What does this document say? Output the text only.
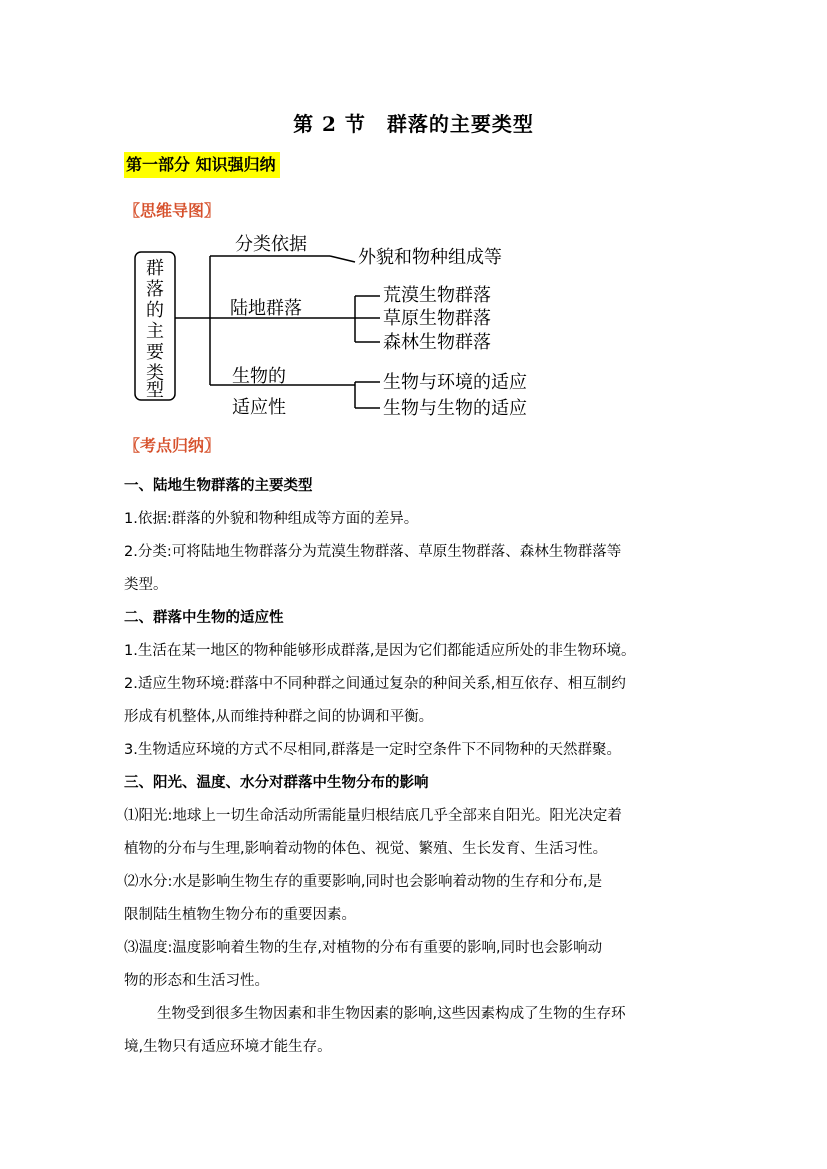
第 2 节　群落的主要类型
第一部分 知识强归纳
〖思维导图〗
群
落
的
主
要
类
型
分类依据
外貌和物种组成等
陆地群落
荒漠生物群落
草原生物群落
森林生物群落
生物的
适应性
生物与环境的适应
生物与生物的适应
〖考点归纳〗
一、陆地生物群落的主要类型
1.依据:群落的外貌和物种组成等方面的差异。
2.分类:可将陆地生物群落分为荒漠生物群落、草原生物群落、森林生物群落等
类型。
二、群落中生物的适应性
1.生活在某一地区的物种能够形成群落,是因为它们都能适应所处的非生物环境。
2.适应生物环境:群落中不同种群之间通过复杂的种间关系,相互依存、相互制约
形成有机整体,从而维持种群之间的协调和平衡。
3.生物适应环境的方式不尽相同,群落是一定时空条件下不同物种的天然群聚。
三、阳光、温度、水分对群落中生物分布的影响
⑴阳光:地球上一切生命活动所需能量归根结底几乎全部来自阳光。阳光决定着
植物的分布与生理,影响着动物的体色、视觉、繁殖、生长发育、生活习性。
⑵水分:水是影响生物生存的重要影响,同时也会影响着动物的生存和分布,是
限制陆生植物生物分布的重要因素。
⑶温度:温度影响着生物的生存,对植物的分布有重要的影响,同时也会影响动
物的形态和生活习性。
生物受到很多生物因素和非生物因素的影响,这些因素构成了生物的生存环
境,生物只有适应环境才能生存。
